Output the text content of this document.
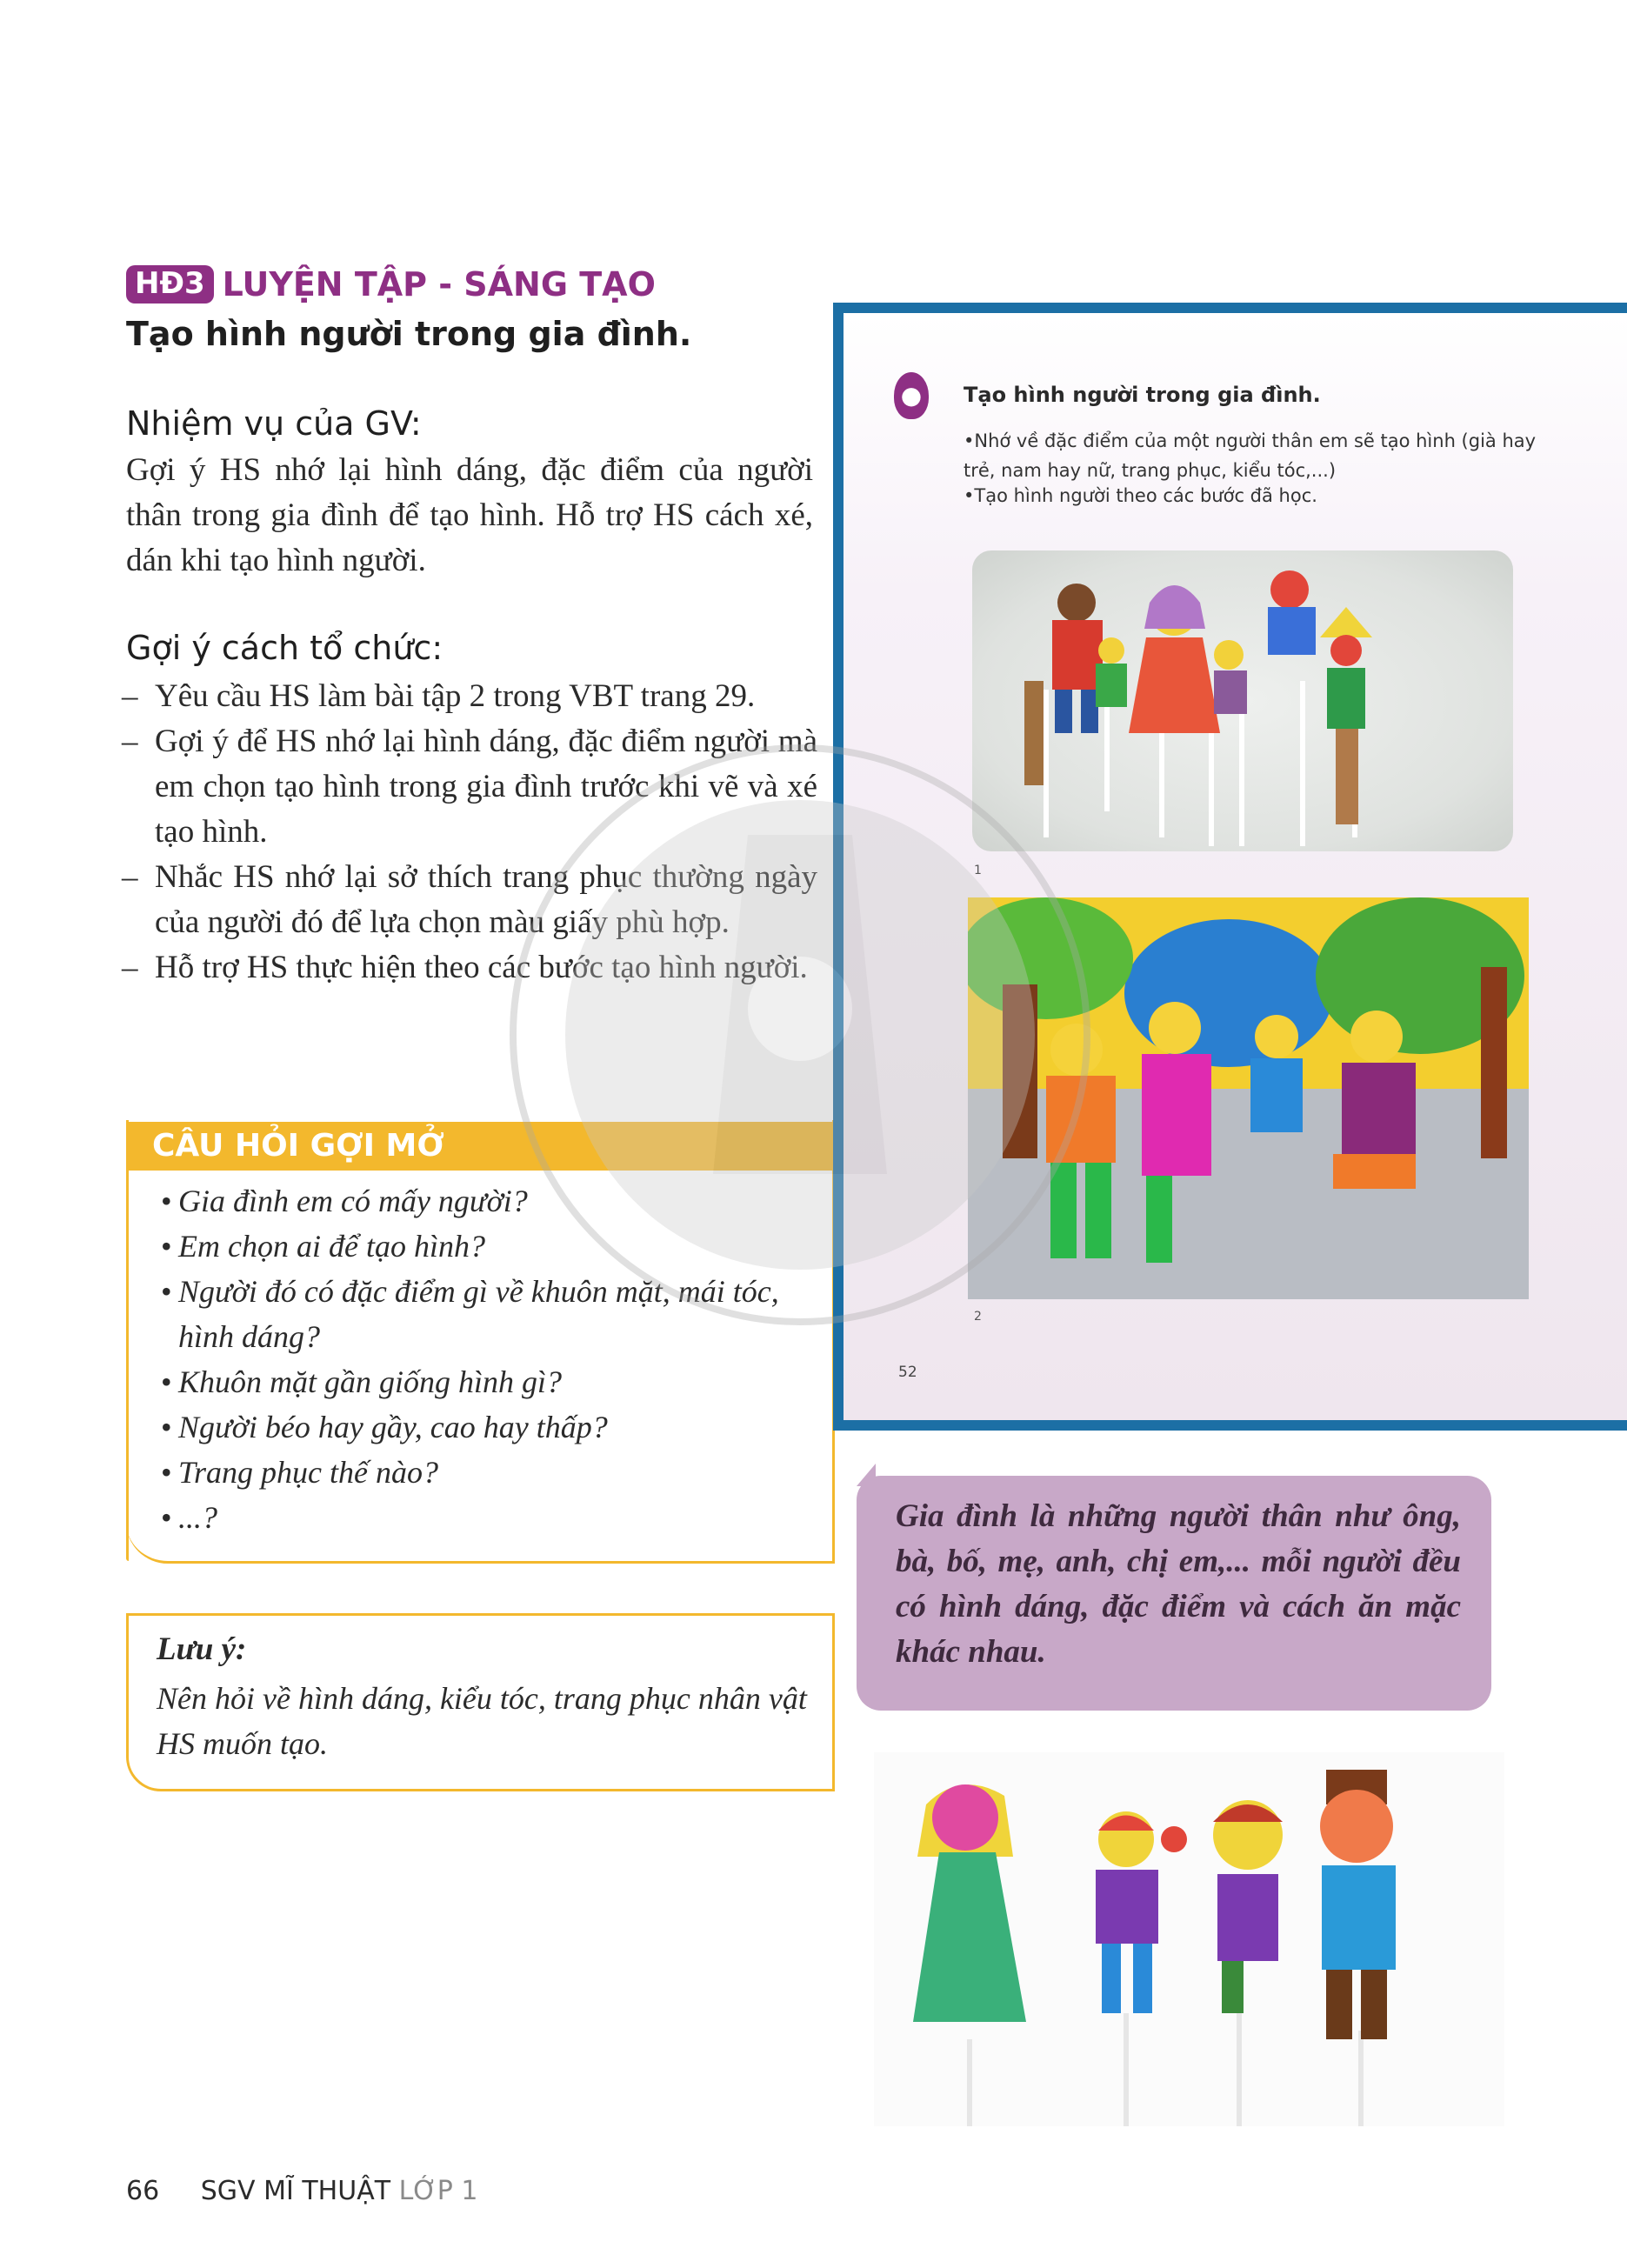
HĐ3 LUYỆN TẬP - SÁNG TẠO
Tạo hình người trong gia đình.
Nhiệm vụ của GV:

Gợi ý HS nhớ lại hình dáng, đặc điểm của người thân trong gia đình để tạo hình. Hỗ trợ HS cách xé, dán khi tạo hình người.

Gợi ý cách tổ chức:
– Yêu cầu HS làm bài tập 2 trong VBT trang 29.
– Gợi ý để HS nhớ lại hình dáng, đặc điểm người mà em chọn tạo hình trong gia đình trước khi vẽ và xé tạo hình.
– Nhắc HS nhớ lại sở thích trang phục thường ngày của người đó để lựa chọn màu giấy phù hợp.
– Hỗ trợ HS thực hiện theo các bước tạo hình người.
CÂU HỎI GỢI MỞ
• Gia đình em có mấy người?
• Em chọn ai để tạo hình?
• Người đó có đặc điểm gì về khuôn mặt, mái tóc, hình dáng?
• Khuôn mặt gần giống hình gì?
• Người béo hay gầy, cao hay thấp?
• Trang phục thế nào?
• ...?
Lưu ý:

Nên hỏi về hình dáng, kiểu tóc, trang phục nhân vật HS muốn tạo.

●	Tạo hình người trong gia đình.

•Nhớ về đặc điểm của một người thân em sẽ tạo hình (già hay trẻ, nam hay nữ, trang phục, kiểu tóc,...)

•Tạo hình người theo các bước đã học.

1
2
52

Gia đình là những người thân như ông, bà, bố, mẹ, anh, chị em,... mỗi người đều có hình dáng, đặc điểm và cách ăn mặc khác nhau.

66 SGV MĨ THUẬT LỚP 1
